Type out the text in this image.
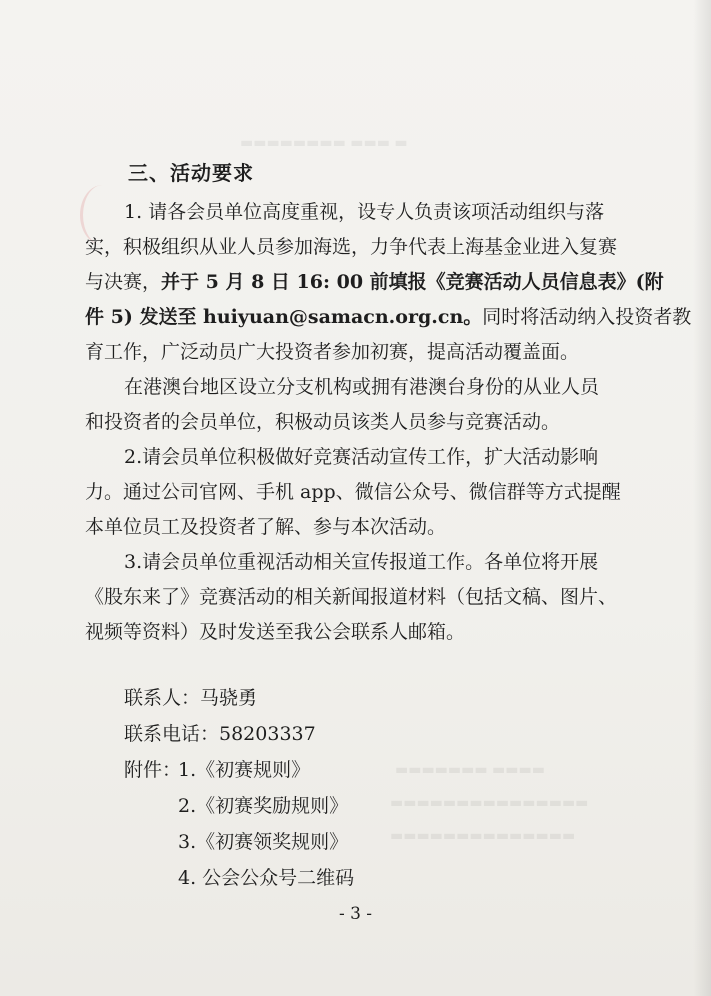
▬▬▬▬▬▬▬▬ ▬▬▬ ▬
▬▬▬▬▬▬▬ ▬▬▬▬
▬▬▬▬▬▬▬▬▬▬▬▬▬▬▬
▬▬▬▬▬▬▬▬▬▬▬▬▬▬
三、活动要求
1. 请各会员单位高度重视，设专人负责该项活动组织与落
实，积极组织从业人员参加海选，力争代表上海基金业进入复赛
与决赛，并于 5 月 8 日 16: 00 前填报《竞赛活动人员信息表》(附
件 5) 发送至 huiyuan@samacn.org.cn。同时将活动纳入投资者教
育工作，广泛动员广大投资者参加初赛，提高活动覆盖面。
在港澳台地区设立分支机构或拥有港澳台身份的从业人员
和投资者的会员单位，积极动员该类人员参与竞赛活动。
2.请会员单位积极做好竞赛活动宣传工作，扩大活动影响
力。通过公司官网、手机 app、微信公众号、微信群等方式提醒
本单位员工及投资者了解、参与本次活动。
3.请会员单位重视活动相关宣传报道工作。各单位将开展
《股东来了》竞赛活动的相关新闻报道材料（包括文稿、图片、
视频等资料）及时发送至我公会联系人邮箱。
联系人：马骁勇
联系电话：58203337
附件：
1.《初赛规则》
2.《初赛奖励规则》
3.《初赛领奖规则》
4. 公会公众号二维码
- 3 -
